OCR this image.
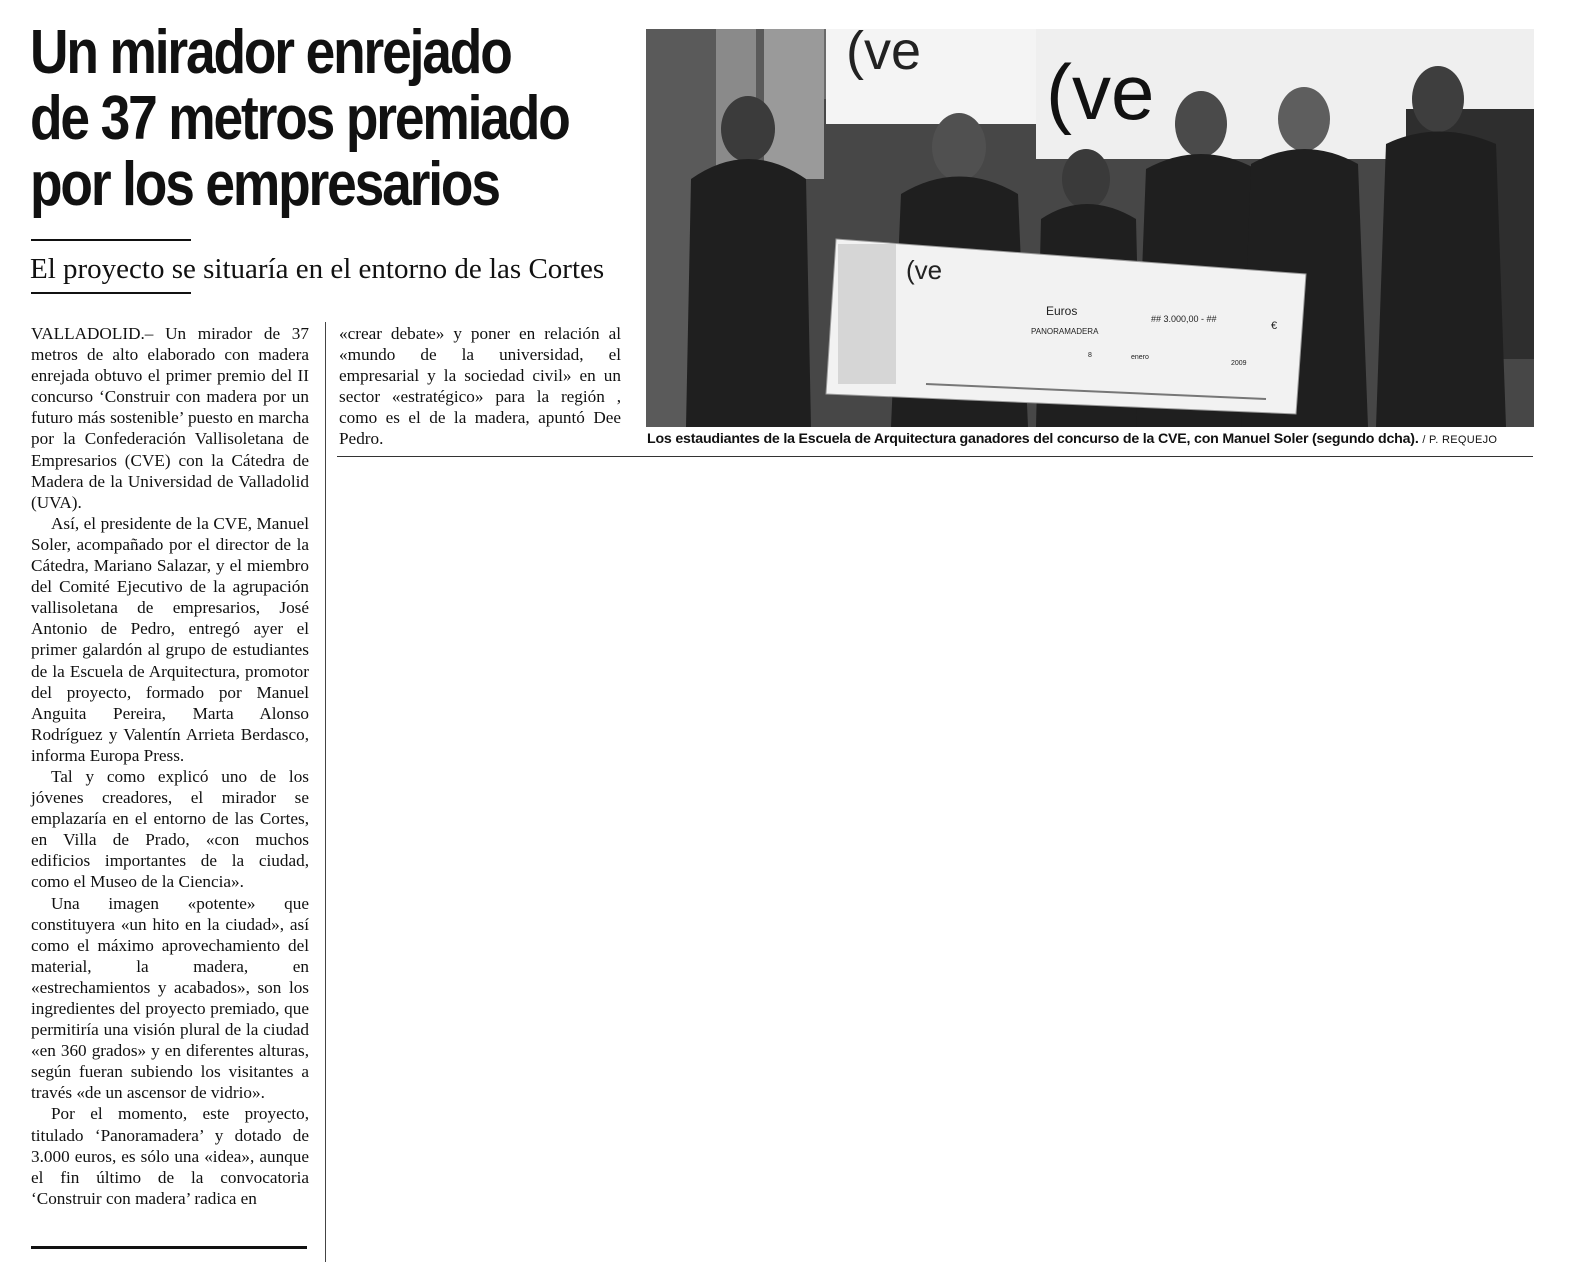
Un mirador enrejado
de 37 metros premiado
por los empresarios
El proyecto se situaría en el entorno de las Cortes

VALLADOLID.– Un mirador de 37 metros de alto elaborado con madera enrejada obtuvo el primer premio del II concurso ‘Construir con madera por un futuro más sostenible’ puesto en marcha por la Confederación Vallisoletana de Empresarios (CVE) con la Cátedra de Madera de la Universidad de Valladolid (UVA).

Así, el presidente de la CVE, Manuel Soler, acompañado por el director de la Cátedra, Mariano Salazar, y el miembro del Comité Ejecutivo de la agrupación vallisoletana de empresarios, José Antonio de Pedro, entregó ayer el primer galardón al grupo de estudiantes de la Escuela de Arquitectura, promotor del proyecto, formado por Manuel Anguita Pereira, Marta Alonso Rodríguez y Valentín Arrieta Berdasco, informa Europa Press.

Tal y como explicó uno de los jóvenes creadores, el mirador se emplazaría en el entorno de las Cortes, en Villa de Prado, «con muchos edificios importantes de la ciudad, como el Museo de la Ciencia».

Una imagen «potente» que constituyera «un hito en la ciudad», así como el máximo aprovechamiento del material, la madera, en «estrechamientos y acabados», son los ingredientes del proyecto premiado, que permitiría una visión plural de la ciudad «en 360 grados» y en diferentes alturas, según fueran subiendo los visitantes a través «de un ascensor de vidrio».

Por el momento, este proyecto, titulado ‘Panoramadera’ y dotado de 3.000 euros, es sólo una «idea», aunque el fin último de la convocatoria ‘Construir con madera’ radica en

«crear debate» y poner en relación al «mundo de la universidad, el empresarial y la sociedad civil» en un sector «estratégico» para la región , como es el de la madera, apuntó Dee Pedro.

(ve (ve
(ve
Euros
## 3.000,00 - ##
€
PANORAMADERA
8	enero
2009
Los estaudiantes de la Escuela de Arquitectura ganadores del concurso de la CVE, con Manuel Soler (segundo dcha). / P. REQUEJO
